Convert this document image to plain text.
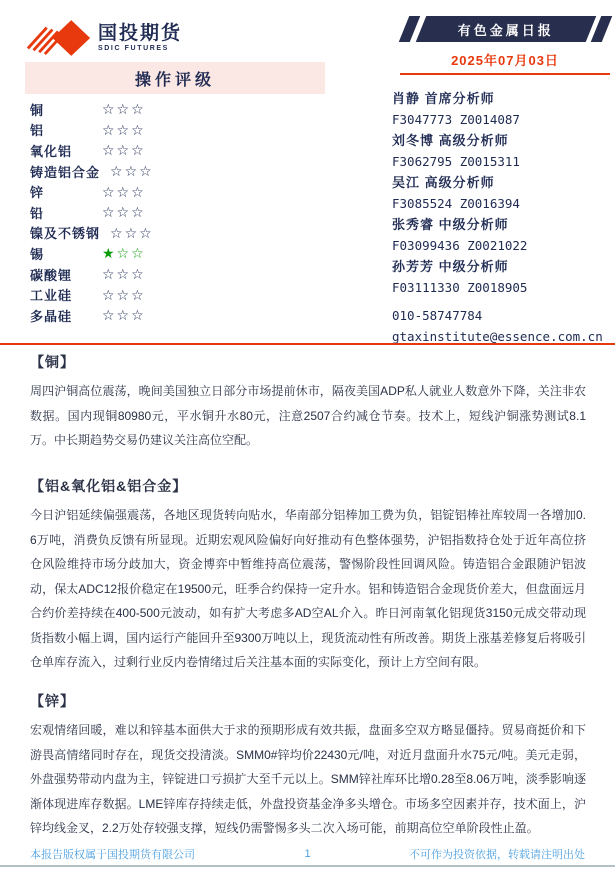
国投期货
SDIC FUTURES
有色金属日报
2025年07月03日
操作评级
铜	☆☆☆
铝	☆☆☆
氧化铝	☆☆☆
铸造铝合金 ☆☆☆
锌	☆☆☆
铅	☆☆☆
镍及不锈钢 ☆☆☆
锡	★☆☆
碳酸锂	☆☆☆
工业硅	☆☆☆
多晶硅	☆☆☆
肖静 首席分析师
F3047773 Z0014087
刘冬博 高级分析师
F3062795 Z0015311
吴江 高级分析师
F3085524 Z0016394
张秀睿 中级分析师
F03099436 Z0021022
孙芳芳 中级分析师
F03111330 Z0018905
010-58747784
gtaxinstitute@essence.com.cn
【铜】
周四沪铜高位震荡，晚间美国独立日部分市场提前休市，隔夜美国ADP私人就业人数意外下降，关注非农数据。国内现铜80980元，平水铜升水80元，注意2507合约减仓节奏。技术上，短线沪铜涨势测试8.1万。中长期趋势交易仍建议关注高位空配。
【铝&氧化铝&铝合金】
今日沪铝延续偏强震荡，各地区现货转向贴水，华南部分铝棒加工费为负，铝锭铝棒社库较周一各增加0.6万吨，消费负反馈有所显现。近期宏观风险偏好向好推动有色整体强势，沪铝指数持仓处于近年高位挤仓风险维持市场分歧加大，资金博弈中暂维持高位震荡，警惕阶段性回调风险。铸造铝合金跟随沪铝波动，保太ADC12报价稳定在19500元，旺季合约保持一定升水。铝和铸造铝合金现货价差大，但盘面远月合约价差持续在400-500元波动，如有扩大考虑多AD空AL介入。昨日河南氧化铝现货3150元成交带动现货指数小幅上调，国内运行产能回升至9300万吨以上，现货流动性有所改善。期货上涨基差修复后将吸引仓单库存流入，过剩行业反内卷情绪过后关注基本面的实际变化，预计上方空间有限。
【锌】
宏观情绪回暖，难以和锌基本面供大于求的预期形成有效共振，盘面多空双方略显僵持。贸易商挺价和下游畏高情绪同时存在，现货交投清淡。SMM0#锌均价22430元/吨，对近月盘面升水75元/吨。美元走弱，外盘强势带动内盘为主，锌锭进口亏损扩大至千元以上。SMM锌社库环比增0.28至8.06万吨，淡季影响逐渐体现进库存数据。LME锌库存持续走低，外盘投资基金净多头增仓。市场多空因素并存，技术面上，沪锌均线金叉，2.2万处存较强支撑，短线仍需警惕多头二次入场可能，前期高位空单阶段性止盈。
1
本报告版权属于国投期货有限公司	不可作为投资依据，转载请注明出处
